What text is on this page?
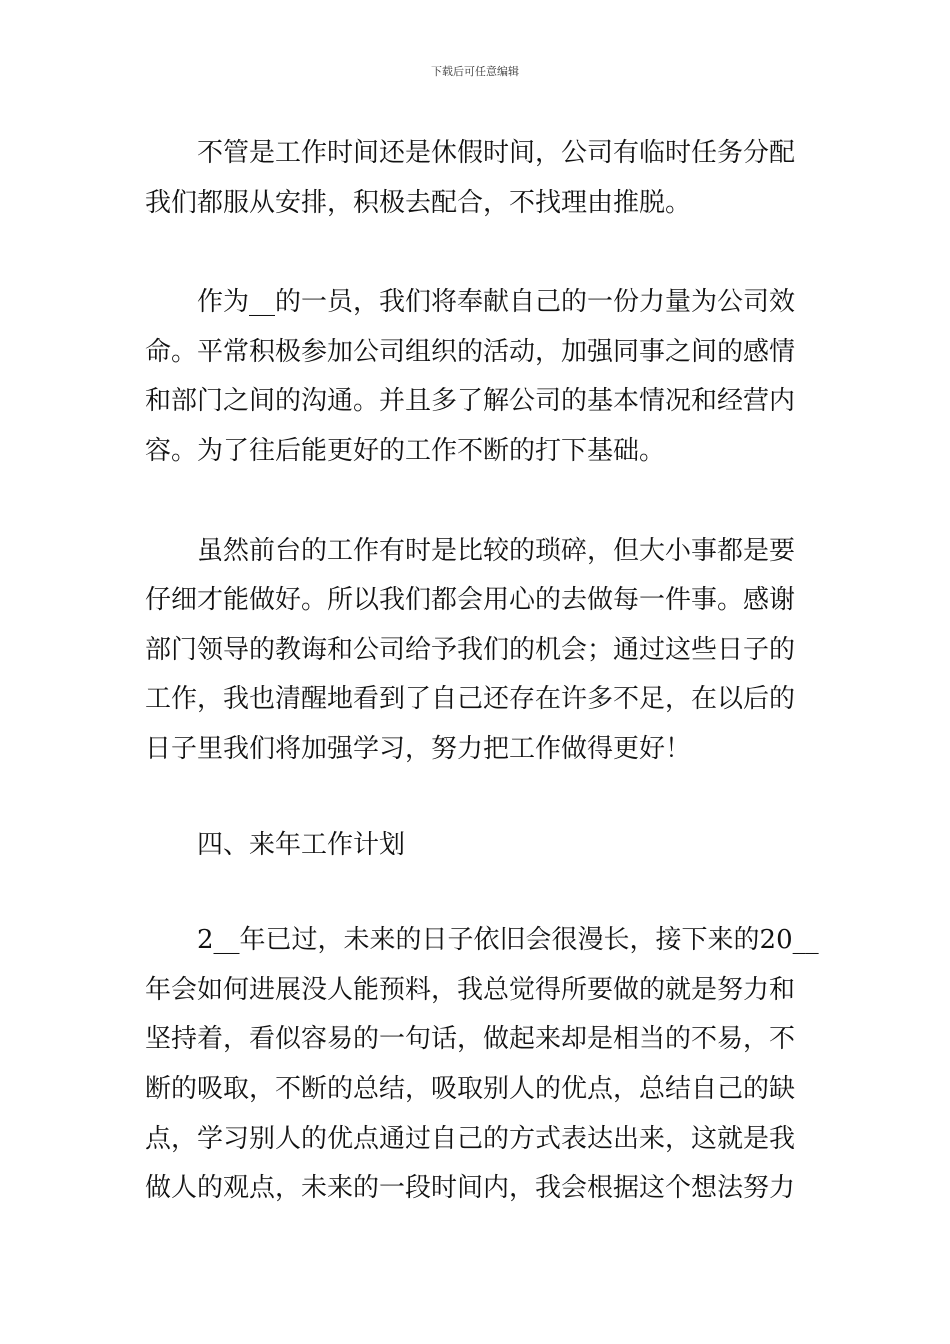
下载后可任意编辑

不管是工作时间还是休假时间，公司有临时任务分配
我们都服从安排，积极去配合，不找理由推脱。

作为__的一员，我们将奉献自己的一份力量为公司效
命。平常积极参加公司组织的活动，加强同事之间的感情
和部门之间的沟通。并且多了解公司的基本情况和经营内
容。为了往后能更好的工作不断的打下基础。

虽然前台的工作有时是比较的琐碎，但大小事都是要
仔细才能做好。所以我们都会用心的去做每一件事。感谢
部门领导的教诲和公司给予我们的机会；通过这些日子的
工作，我也清醒地看到了自己还存在许多不足，在以后的
日子里我们将加强学习，努力把工作做得更好！

四、来年工作计划

2__年已过，未来的日子依旧会很漫长，接下来的20__
年会如何进展没人能预料，我总觉得所要做的就是努力和
坚持着，看似容易的一句话，做起来却是相当的不易，不
断的吸取，不断的总结，吸取别人的优点，总结自己的缺
点，学习别人的优点通过自己的方式表达出来，这就是我
做人的观点，未来的一段时间内，我会根据这个想法努力
